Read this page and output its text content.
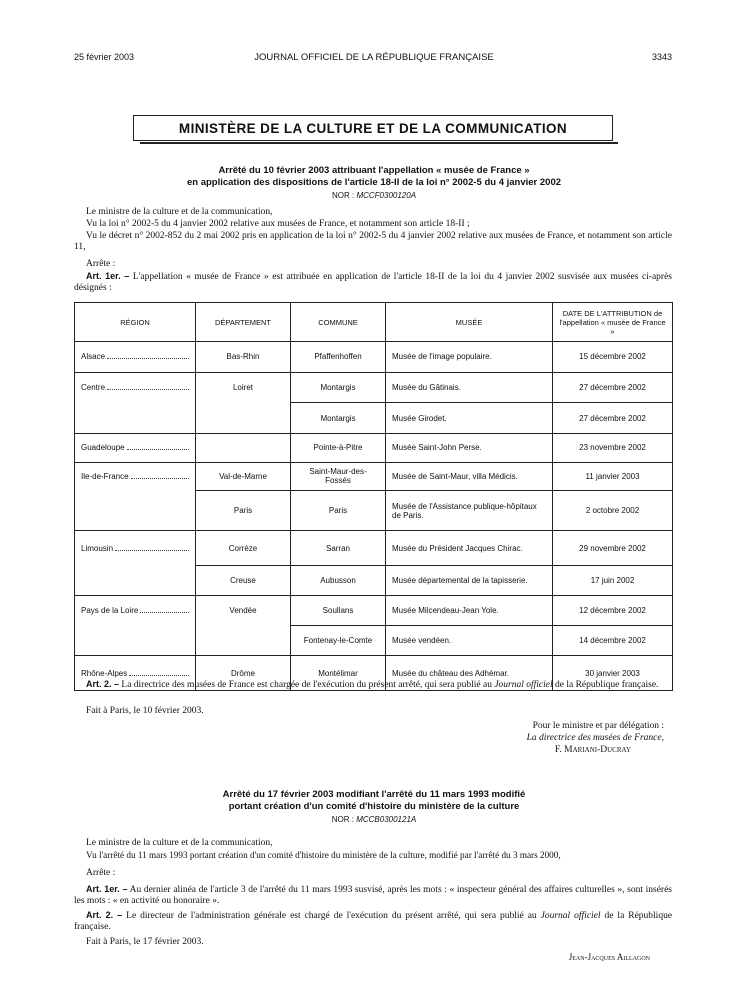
25 février 2003	JOURNAL OFFICIEL DE LA RÉPUBLIQUE FRANÇAISE	3343
MINISTÈRE DE LA CULTURE ET DE LA COMMUNICATION
Arrêté du 10 février 2003 attribuant l'appellation « musée de France »
en application des dispositions de l'article 18-II de la loi n° 2002-5 du 4 janvier 2002
NOR : MCCF0300120A
Le ministre de la culture et de la communication,
Vu la loi n° 2002-5 du 4 janvier 2002 relative aux musées de France, et notamment son article 18-II ;
Vu le décret n° 2002-852 du 2 mai 2002 pris en application de la loi n° 2002-5 du 4 janvier 2002 relative aux musées de France, et notamment son article 11,
Arrête :
Art. 1er. – L'appellation « musée de France » est attribuée en application de l'article 18-II de la loi du 4 janvier 2002 susvisée aux musées ci-après désignés :
RÉGION	DÉPARTEMENT	COMMUNE	MUSÉE	DATE DE L'ATTRIBUTION de l'appellation « musée de France »

Alsace	Bas-Rhin	Pfaffenhoffen	Musée de l'image populaire.	15 décembre 2002

Centre	Loiret	Montargis	Musée du Gâtinais.	27 décembre 2002
		Montargis	Musée Girodet.	27 décembre 2002

Guadeloupe		Pointe-à-Pitre	Musée Saint-John Perse.	23 novembre 2002

Ile-de-France	Val-de-Marne	Saint-Maur-des-Fossés	Musée de Saint-Maur, villa Médicis.	11 janvier 2003
	Paris	Paris	Musée de l'Assistance publique-hôpitaux de Paris.	2 octobre 2002

Limousin	Corrèze	Sarran	Musée du Président Jacques Chirac.	29 novembre 2002
	Creuse	Aubusson	Musée départemental de la tapisserie.	17 juin 2002

Pays de la Loire	Vendée	Soullans	Musée Milcendeau-Jean Yole.	12 décembre 2002
		Fontenay-le-Comte	Musée vendéen.	14 décembre 2002

Rhône-Alpes	Drôme	Montélimar	Musée du château des Adhémar.	30 janvier 2003
Art. 2. – La directrice des musées de France est chargée de l'exécution du présent arrêté, qui sera publié au Journal officiel de la République française.
Fait à Paris, le 10 février 2003.
Pour le ministre et par délégation :
La directrice des musées de France,
F. Mariani-Ducray
Arrêté du 17 février 2003 modifiant l'arrêté du 11 mars 1993 modifié
portant création d'un comité d'histoire du ministère de la culture
NOR : MCCB0300121A
Le ministre de la culture et de la communication,
Vu l'arrêté du 11 mars 1993 portant création d'un comité d'histoire du ministère de la culture, modifié par l'arrêté du 3 mars 2000,
Arrête :
Art. 1er. – Au dernier alinéa de l'article 3 de l'arrêté du 11 mars 1993 susvisé, après les mots : « inspecteur général des affaires culturelles », sont insérés les mots : « en activité ou honoraire ».
Art. 2. – Le directeur de l'administration générale est chargé de l'exécution du présent arrêté, qui sera publié au Journal officiel de la République française.
Fait à Paris, le 17 février 2003.
Jean-Jacques Aillagon
